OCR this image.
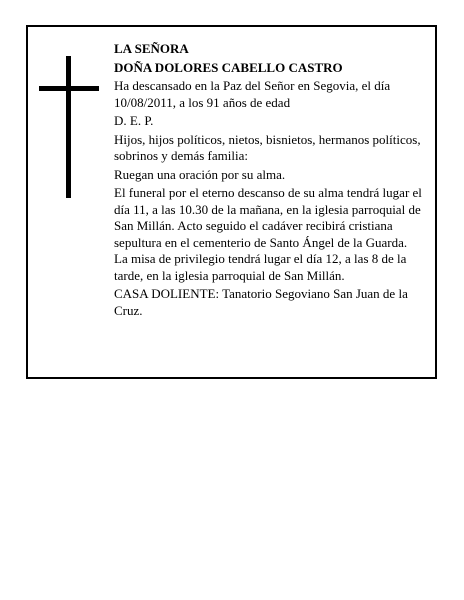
LA SEÑORA

DOÑA DOLORES CABELLO CASTRO

Ha descansado en la Paz del Señor en Segovia, el día 10/08/2011, a los 91 años de edad

D. E. P.

Hijos, hijos políticos, nietos, bisnietos, hermanos políticos, sobrinos y demás familia:

Ruegan una oración por su alma.

El funeral por el eterno descanso de su alma tendrá lugar el día 11, a las 10.30 de la mañana, en la iglesia parroquial de San Millán. Acto seguido el cadáver recibirá cristiana sepultura en el cementerio de Santo Ángel de la Guarda. La misa de privilegio tendrá lugar el día 12, a las 8 de la tarde, en la iglesia parroquial de San Millán.

CASA DOLIENTE: Tanatorio Segoviano San Juan de la Cruz.
